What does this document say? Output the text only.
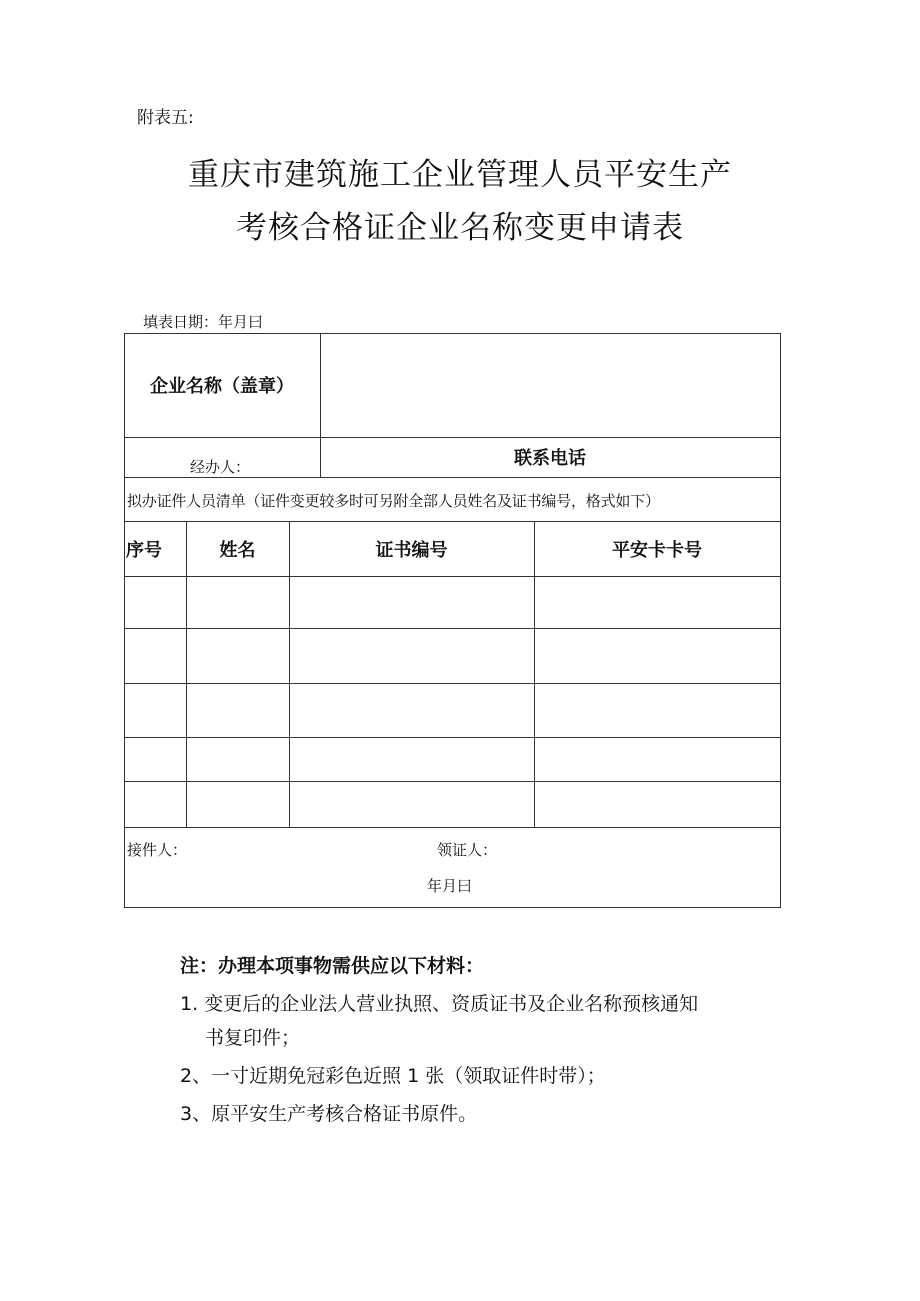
附表五:
重庆市建筑施工企业管理人员平安生产
考核合格证企业名称变更申请表
填表日期：年月曰
企业名称（盖章）
经办人：	联系电话
拟办证件人员清单（证件变更较多时可另附全部人员姓名及证书编号，格式如下）
序号	姓名	证书编号	平安卡卡号
接件人：	领证人：
年月曰
注：办理本项事物需供应以下材料：
1. 变更后的企业法人营业执照、资质证书及企业名称预核通知
书复印件；
2、一寸近期免冠彩色近照 1 张（领取证件时带）；
3、原平安生产考核合格证书原件。
